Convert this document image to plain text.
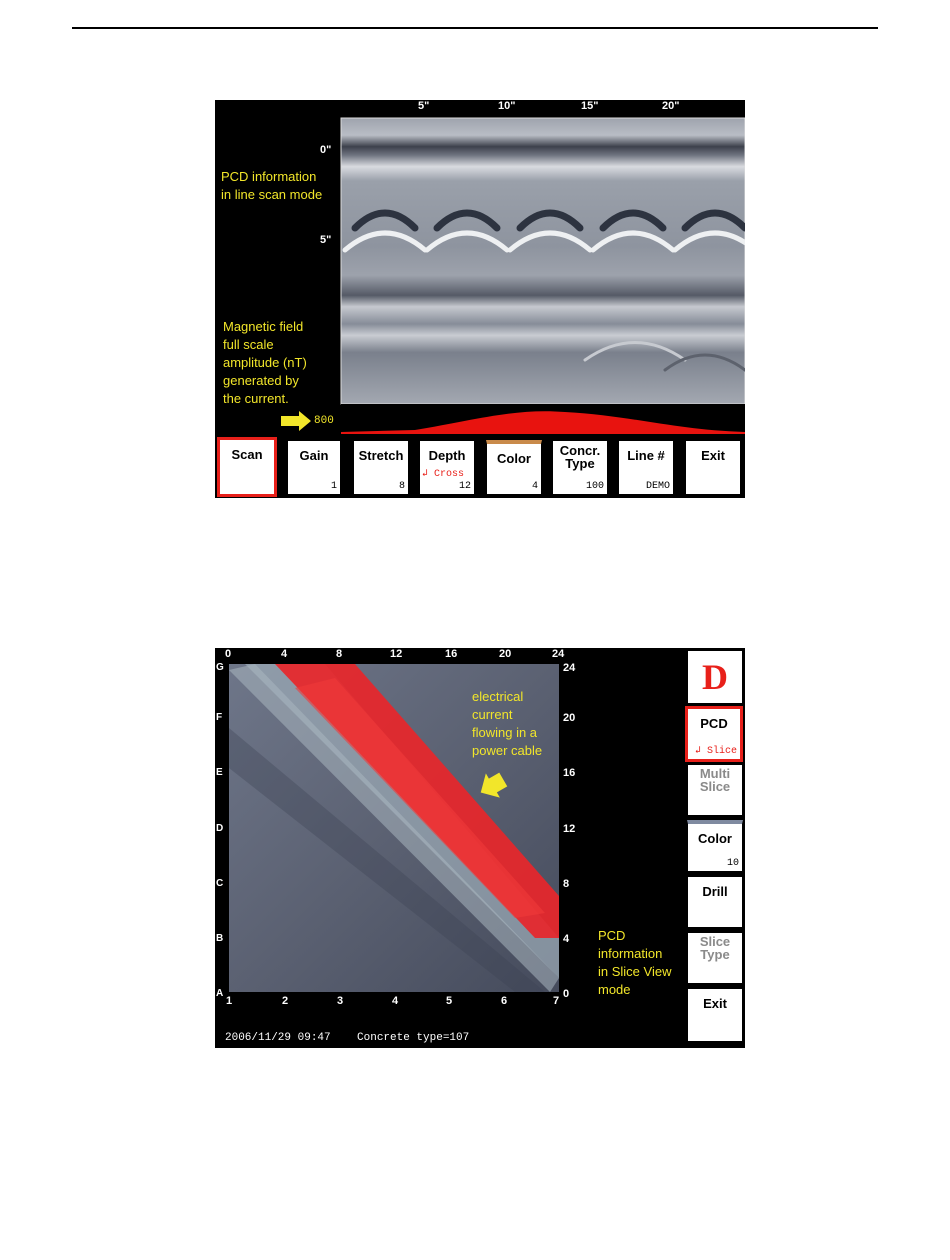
5"	10"	15"	20"
0"
5"
PCD information
in line scan mode
Magnetic field
full scale
amplitude (nT)
generated by
the current.
800
Scan	Gain
1
Stretch
8
Depth
↲ Cross
12
Color
4
Concr. Type
100
Line #
DEMO
Exit
0	4	8	12	16	20	24
24
20
16
12
8
4
0
G
F
E
D
C
B
A
1	2	3	4	5	6	7
electrical
current
flowing in a
power cable
PCD
information
in Slice View
mode
2006/11/29 09:47    Concrete type=107
D
PCD
↲ Slice
Multi Slice
Color
10
Drill
Slice Type
Exit
